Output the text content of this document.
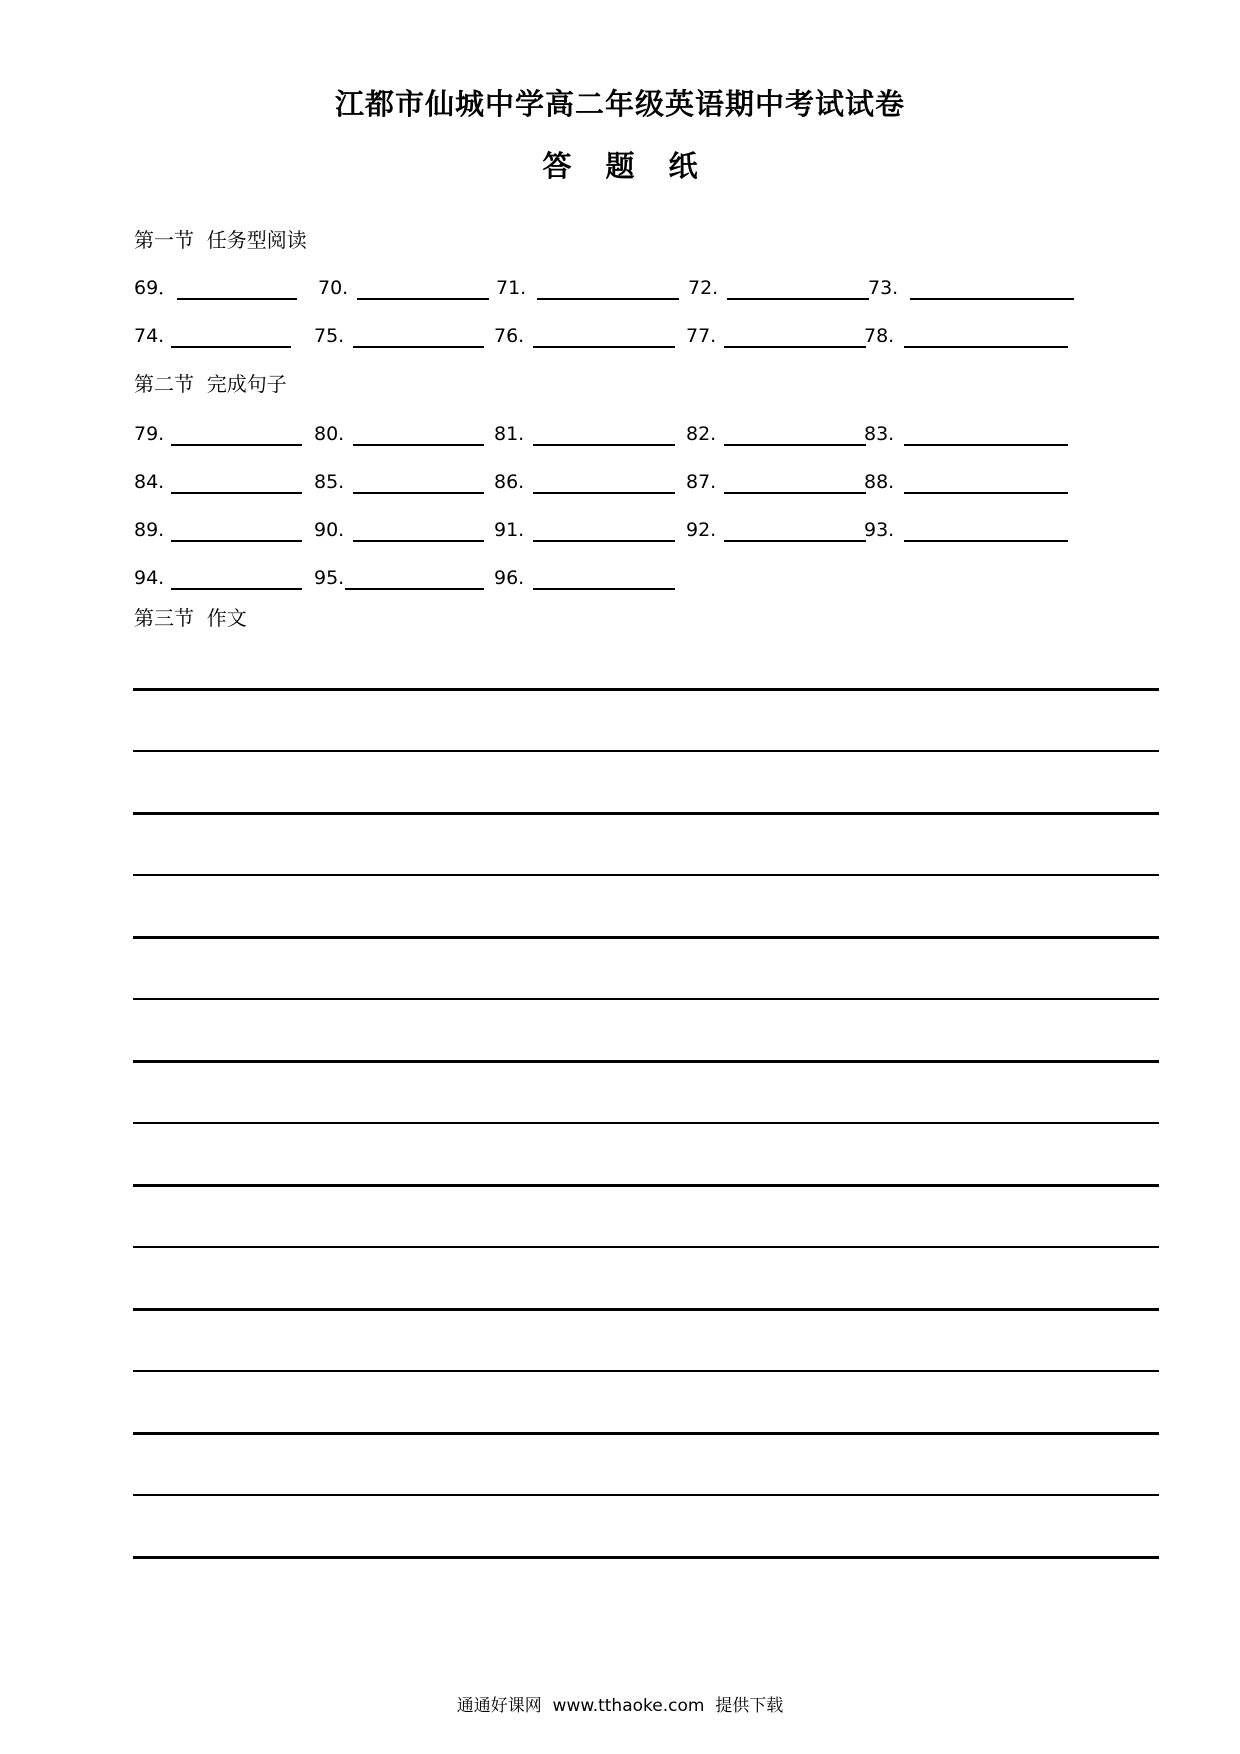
江都市仙城中学高二年级英语期中考试试卷
答 题 纸
第一节  任务型阅读
69．	70.	71.	72.	73.
74.	75.	76.	77.	78.
第二节  完成句子
79.	80.	81.	82.	83.
84.	85.	86.	87.	88.
89.	90.	91.	92.	93.
94.	95.	96.
第三节  作文
通通好课网  www.tthaoke.com  提供下载
